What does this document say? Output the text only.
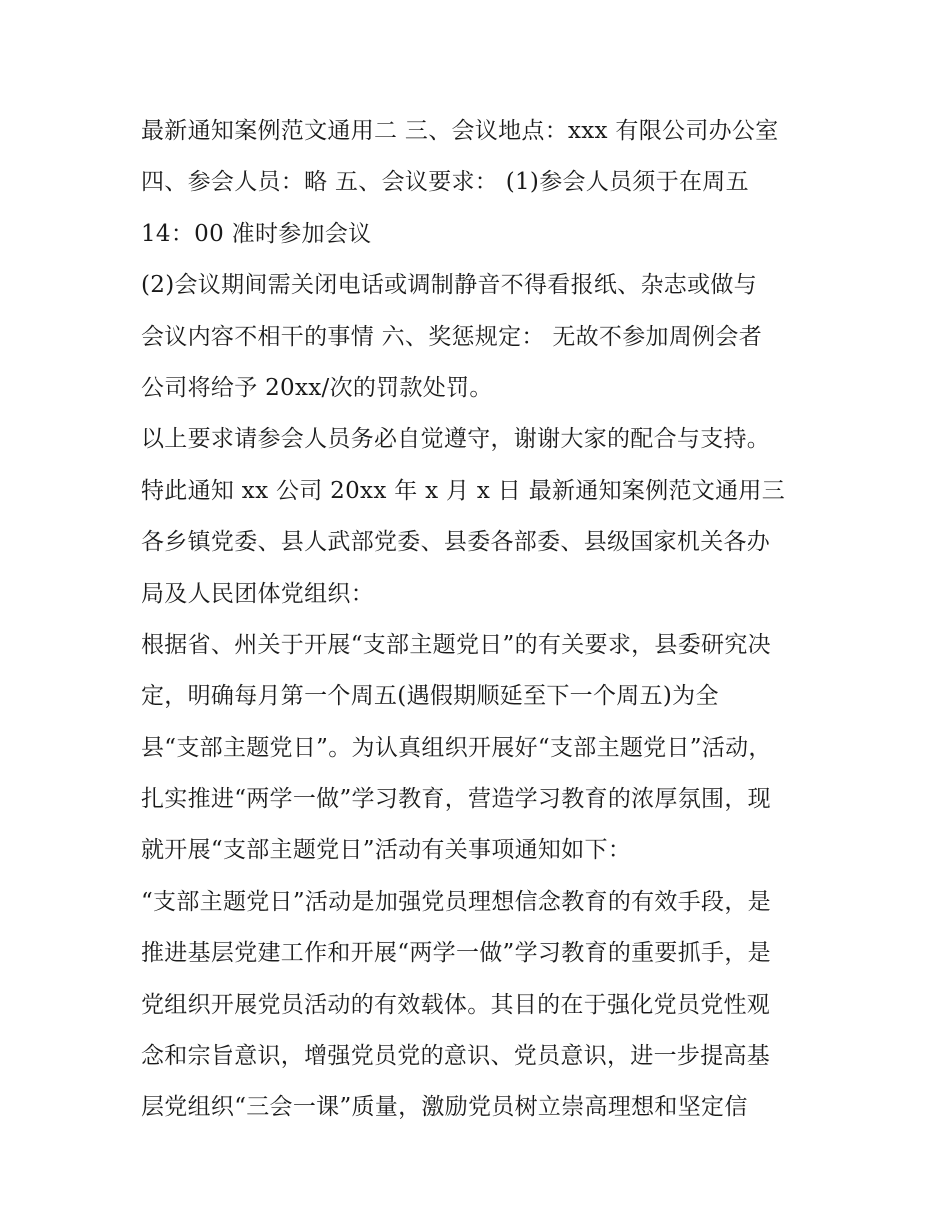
最新通知案例范文通用二 三、会议地点：xxx 有限公司办公室
四、参会人员：略 五、会议要求： (1)参会人员须于在周五
14：00 准时参加会议
(2)会议期间需关闭电话或调制静音不得看报纸、杂志或做与
会议内容不相干的事情 六、奖惩规定： 无故不参加周例会者
公司将给予 20xx/次的罚款处罚。
以上要求请参会人员务必自觉遵守，谢谢大家的配合与支持。
特此通知 xx 公司 20xx 年 x 月 x 日 最新通知案例范文通用三
各乡镇党委、县人武部党委、县委各部委、县级国家机关各办
局及人民团体党组织：
根据省、州关于开展“支部主题党日”的有关要求，县委研究决
定，明确每月第一个周五(遇假期顺延至下一个周五)为全
县“支部主题党日”。为认真组织开展好“支部主题党日”活动，
扎实推进“两学一做”学习教育，营造学习教育的浓厚氛围，现
就开展“支部主题党日”活动有关事项通知如下：
“支部主题党日”活动是加强党员理想信念教育的有效手段，是
推进基层党建工作和开展“两学一做”学习教育的重要抓手，是
党组织开展党员活动的有效载体。其目的在于强化党员党性观
念和宗旨意识，增强党员党的意识、党员意识，进一步提高基
层党组织“三会一课”质量，激励党员树立崇高理想和坚定信
